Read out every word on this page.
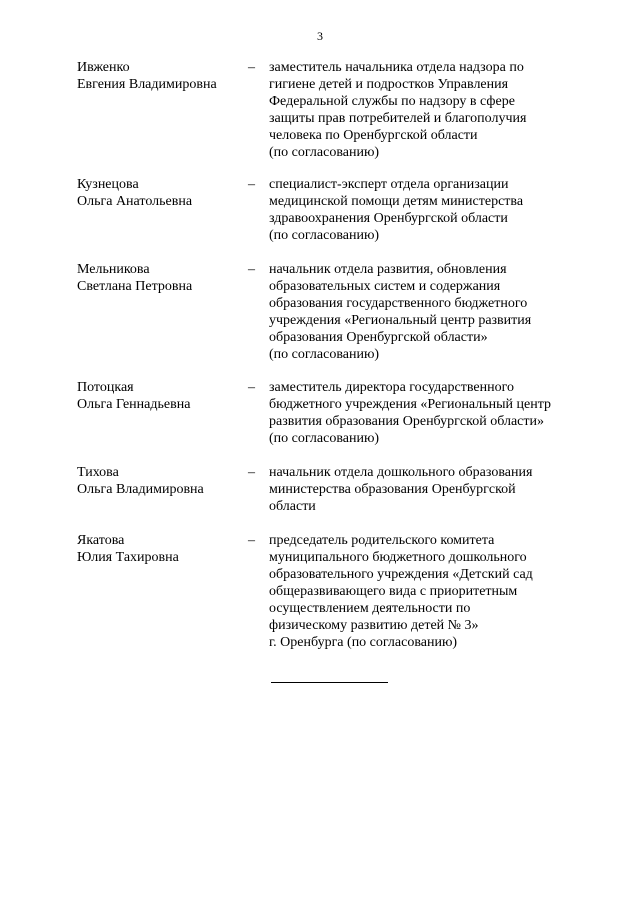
3
Ивженко
Евгения Владимировна
– заместитель начальника отдела надзора по
гигиене детей и подростков Управления
Федеральной службы по надзору в сфере
защиты прав потребителей и благополучия
человека по Оренбургской области
(по согласованию)
Кузнецова
Ольга Анатольевна
– специалист-эксперт отдела организации
медицинской помощи детям министерства
здравоохранения Оренбургской области
(по согласованию)
Мельникова
Светлана Петровна
– начальник отдела развития, обновления
образовательных систем и содержания
образования государственного бюджетного
учреждения «Региональный центр развития
образования Оренбургской области»
(по согласованию)
Потоцкая
Ольга Геннадьевна
– заместитель директора государственного
бюджетного учреждения «Региональный центр
развития образования Оренбургской области»
(по согласованию)
Тихова
Ольга Владимировна
– начальник отдела дошкольного образования
министерства образования Оренбургской
области
Якатова
Юлия Тахировна
– председатель родительского комитета
муниципального бюджетного дошкольного
образовательного учреждения «Детский сад
общеразвивающего вида с приоритетным
осуществлением деятельности по
физическому развитию детей № 3»
г. Оренбурга (по согласованию)
